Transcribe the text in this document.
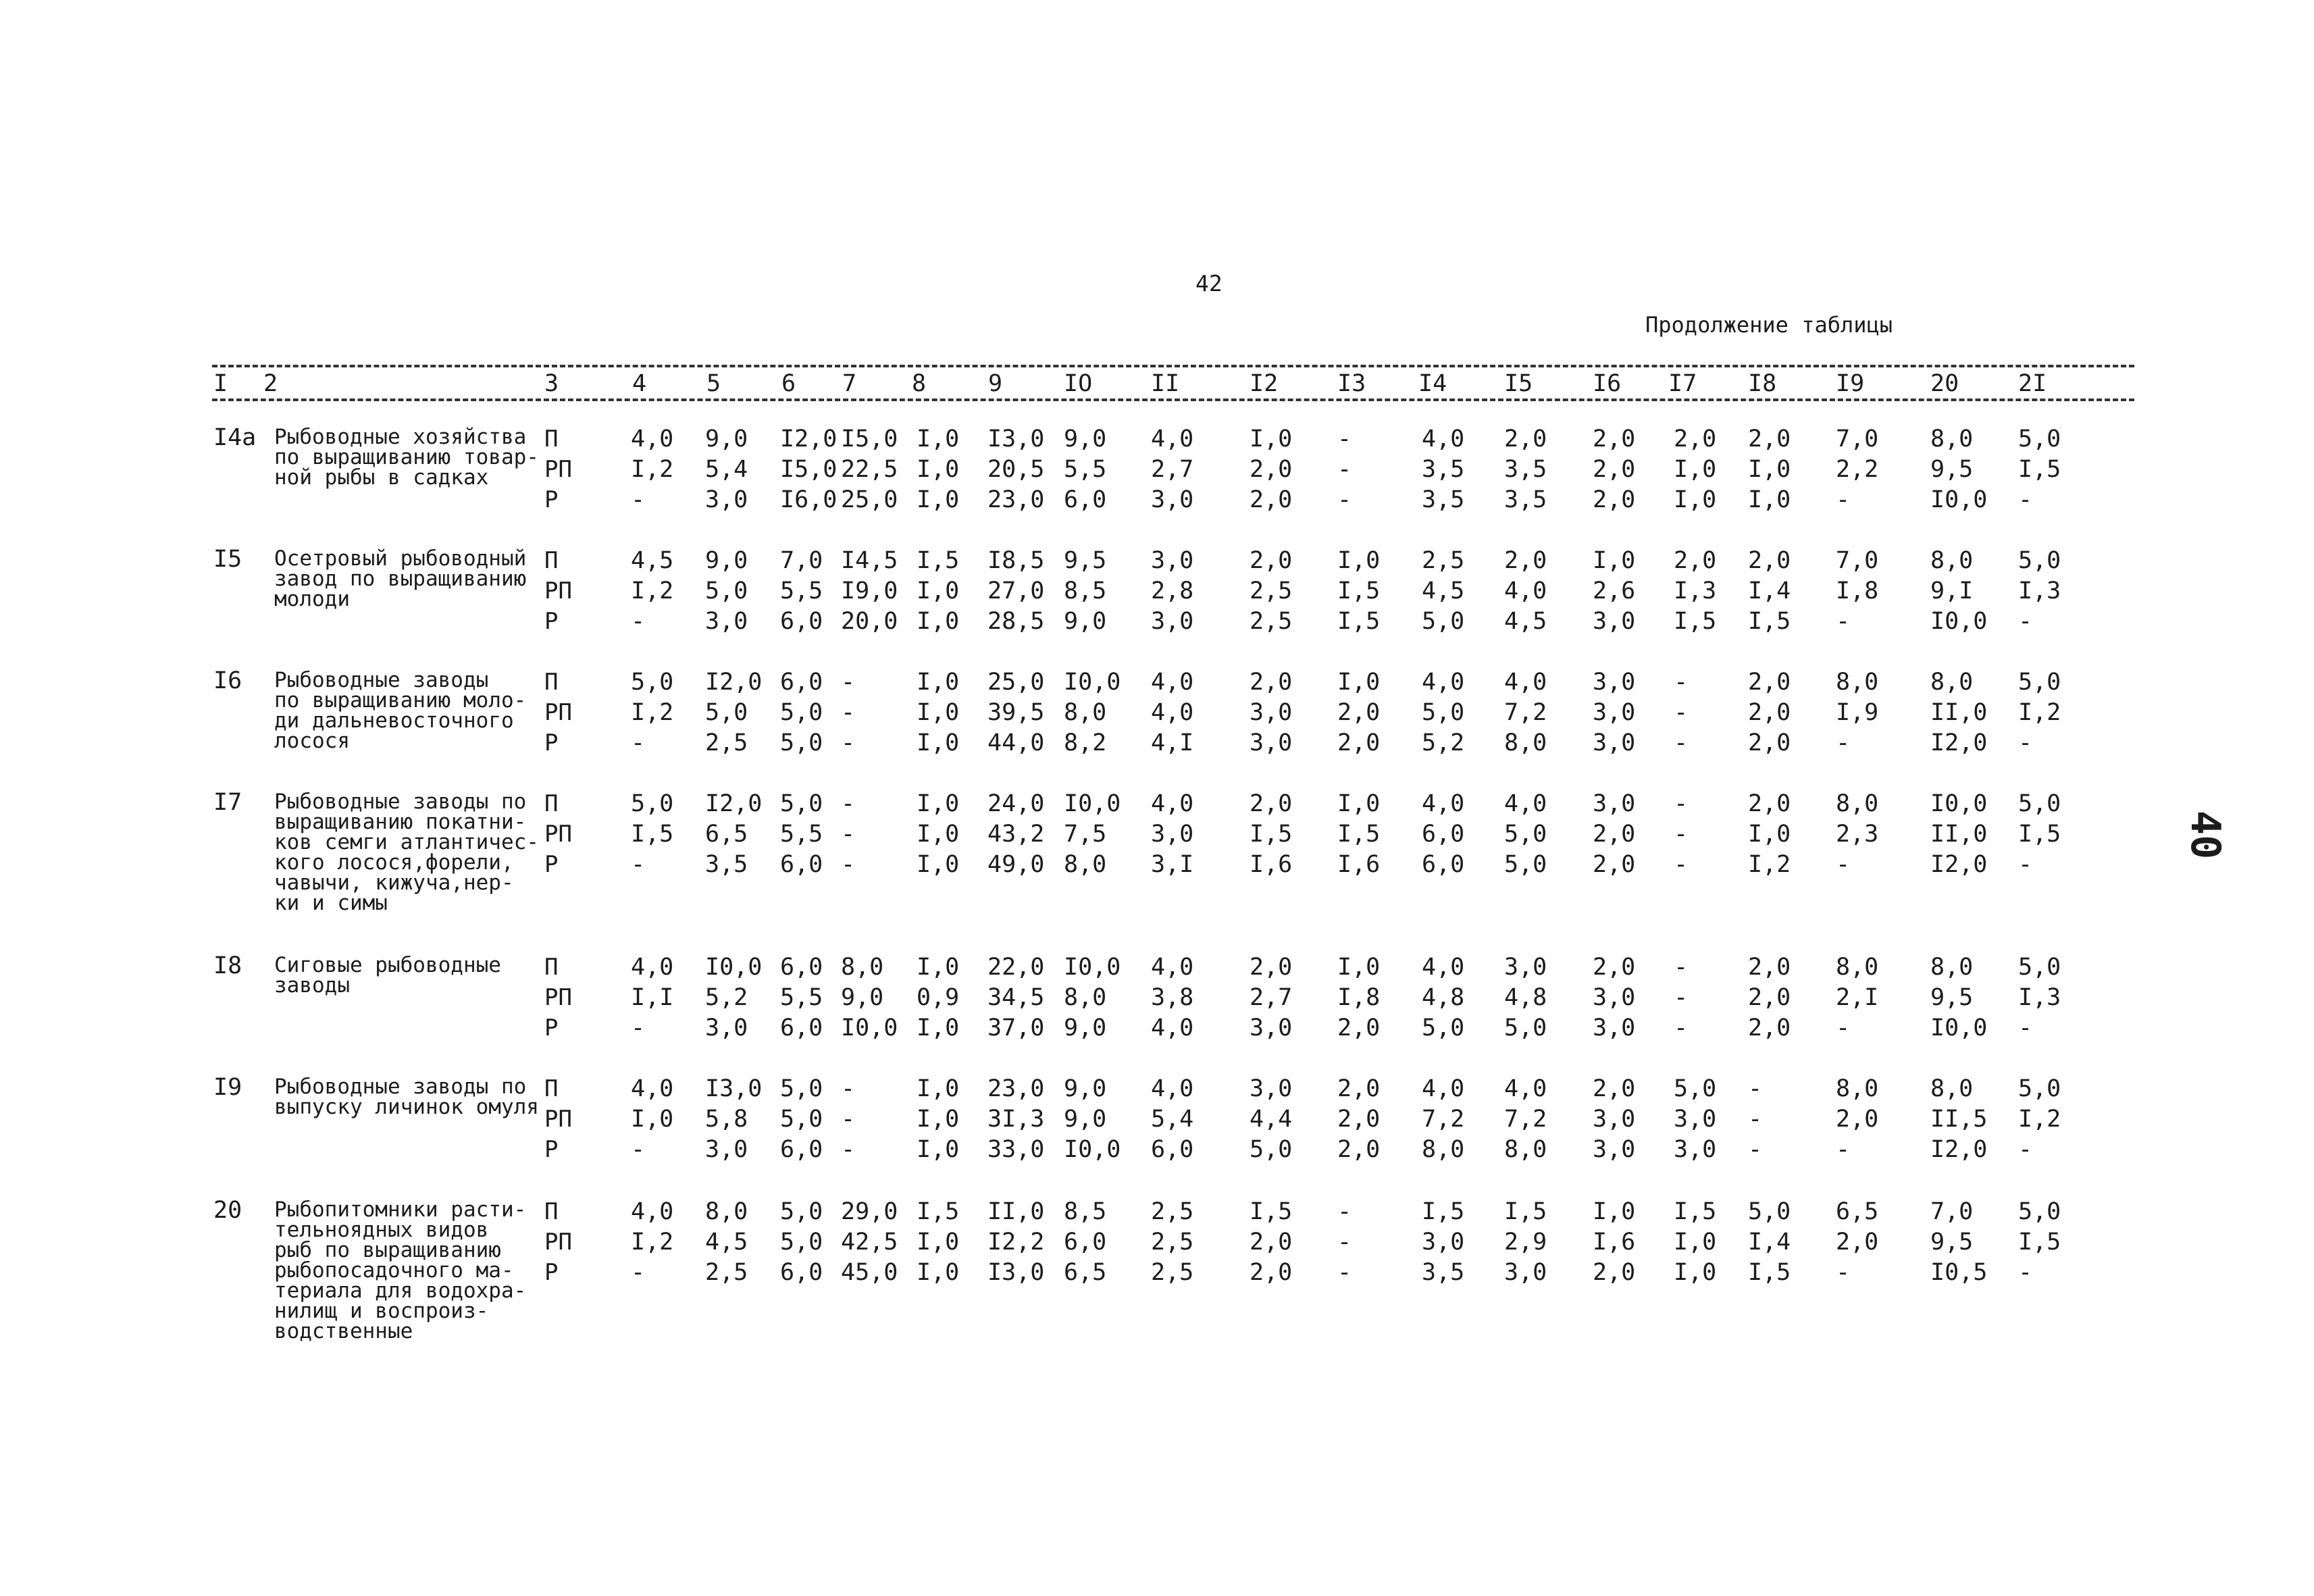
42
40
Продолжение таблицы
I 2	3	4	5	6 7 8	9	IO II	I2	I3 I4 I5	I6 I7 I8	I9	20	2I
I4а Рыбоводные хозяйства
по выращиванию товар-
ной рыбы в садках
П	4,0 9,0 I2,0 I5,0 I,0 I3,0 9,0 4,0 I,0 -	4,0 2,0 2,0 2,0 2,0 7,0 8,0 5,0
РП I,2 5,4 I5,0 22,5 I,0 20,5 5,5 2,7 2,0 -	3,5 3,5 2,0 I,0 I,0 2,2 9,5 I,5
Р	-	3,0 I6,0 25,0 I,0 23,0 6,0 3,0 2,0 -	3,5 3,5 2,0 I,0 I,0 -	I0,0 -
I5 Осетровый рыбоводный
завод по выращиванию
молоди
П	4,5 9,0 7,0 I4,5 I,5 I8,5 9,5 3,0 2,0 I,0 2,5 2,0 I,0 2,0 2,0 7,0 8,0 5,0
РП I,2 5,0 5,5 I9,0 I,0 27,0 8,5 2,8 2,5 I,5 4,5 4,0 2,6 I,3 I,4 I,8 9,I I,3
Р	-	3,0 6,0 20,0 I,0 28,5 9,0 3,0 2,5 I,5 5,0 4,5 3,0 I,5 I,5 -	I0,0 -
I6 Рыбоводные заводы
по выращиванию моло-
ди дальневосточного
лосося
П	5,0 I2,0 6,0 -	I,0 25,0 I0,0 4,0 2,0 I,0 4,0 4,0 3,0 -	2,0 8,0 8,0 5,0
РП I,2 5,0 5,0 -	I,0 39,5 8,0 4,0 3,0 2,0 5,0 7,2 3,0 -	2,0 I,9 II,0 I,2
Р	-	2,5 5,0 -	I,0 44,0 8,2 4,I 3,0 2,0 5,2 8,0 3,0 -	2,0 -	I2,0 -
I7 Рыбоводные заводы по
выращиванию покатни-
ков семги атлантичес-
кого лосося,форели,
чавычи, кижуча,нер-
ки и симы
П	5,0 I2,0 5,0 -	I,0 24,0 I0,0 4,0 2,0 I,0 4,0 4,0 3,0 -	2,0 8,0 I0,0 5,0
РП I,5 6,5 5,5 -	I,0 43,2 7,5 3,0 I,5 I,5 6,0 5,0 2,0 -	I,0 2,3 II,0 I,5
Р	-	3,5 6,0 -	I,0 49,0 8,0 3,I I,6 I,6 6,0 5,0 2,0 -	I,2 -	I2,0 -
I8 Сиговые рыбоводные
заводы
П	4,0 I0,0 6,0 8,0 I,0 22,0 I0,0 4,0 2,0 I,0 4,0 3,0 2,0 -	2,0 8,0 8,0 5,0
РП I,I 5,2 5,5 9,0 0,9 34,5 8,0 3,8 2,7 I,8 4,8 4,8 3,0 -	2,0 2,I 9,5 I,3
Р	-	3,0 6,0 I0,0 I,0 37,0 9,0 4,0 3,0 2,0 5,0 5,0 3,0 -	2,0 -	I0,0 -
I9 Рыбоводные заводы по
выпуску личинок омуля
П	4,0 I3,0 5,0 -	I,0 23,0 9,0 4,0 3,0 2,0 4,0 4,0 2,0 5,0 -	8,0 8,0 5,0
РП I,0 5,8 5,0 -	I,0 3I,3 9,0 5,4 4,4 2,0 7,2 7,2 3,0 3,0 -	2,0 II,5 I,2
Р	-	3,0 6,0 -	I,0 33,0 I0,0 6,0 5,0 2,0 8,0 8,0 3,0 3,0 -	-	I2,0 -
20 Рыбопитомники расти-
тельноядных видов
рыб по выращиванию
рыбопосадочного ма-
териала для водохра-
нилищ и воспроиз-
водственные
П	4,0 8,0 5,0 29,0 I,5 II,0 8,5 2,5 I,5 -	I,5 I,5 I,0 I,5 5,0 6,5 7,0 5,0
РП I,2 4,5 5,0 42,5 I,0 I2,2 6,0 2,5 2,0 -	3,0 2,9 I,6 I,0 I,4 2,0 9,5 I,5
Р	-	2,5 6,0 45,0 I,0 I3,0 6,5 2,5 2,0 -	3,5 3,0 2,0 I,0 I,5 -	I0,5 -
